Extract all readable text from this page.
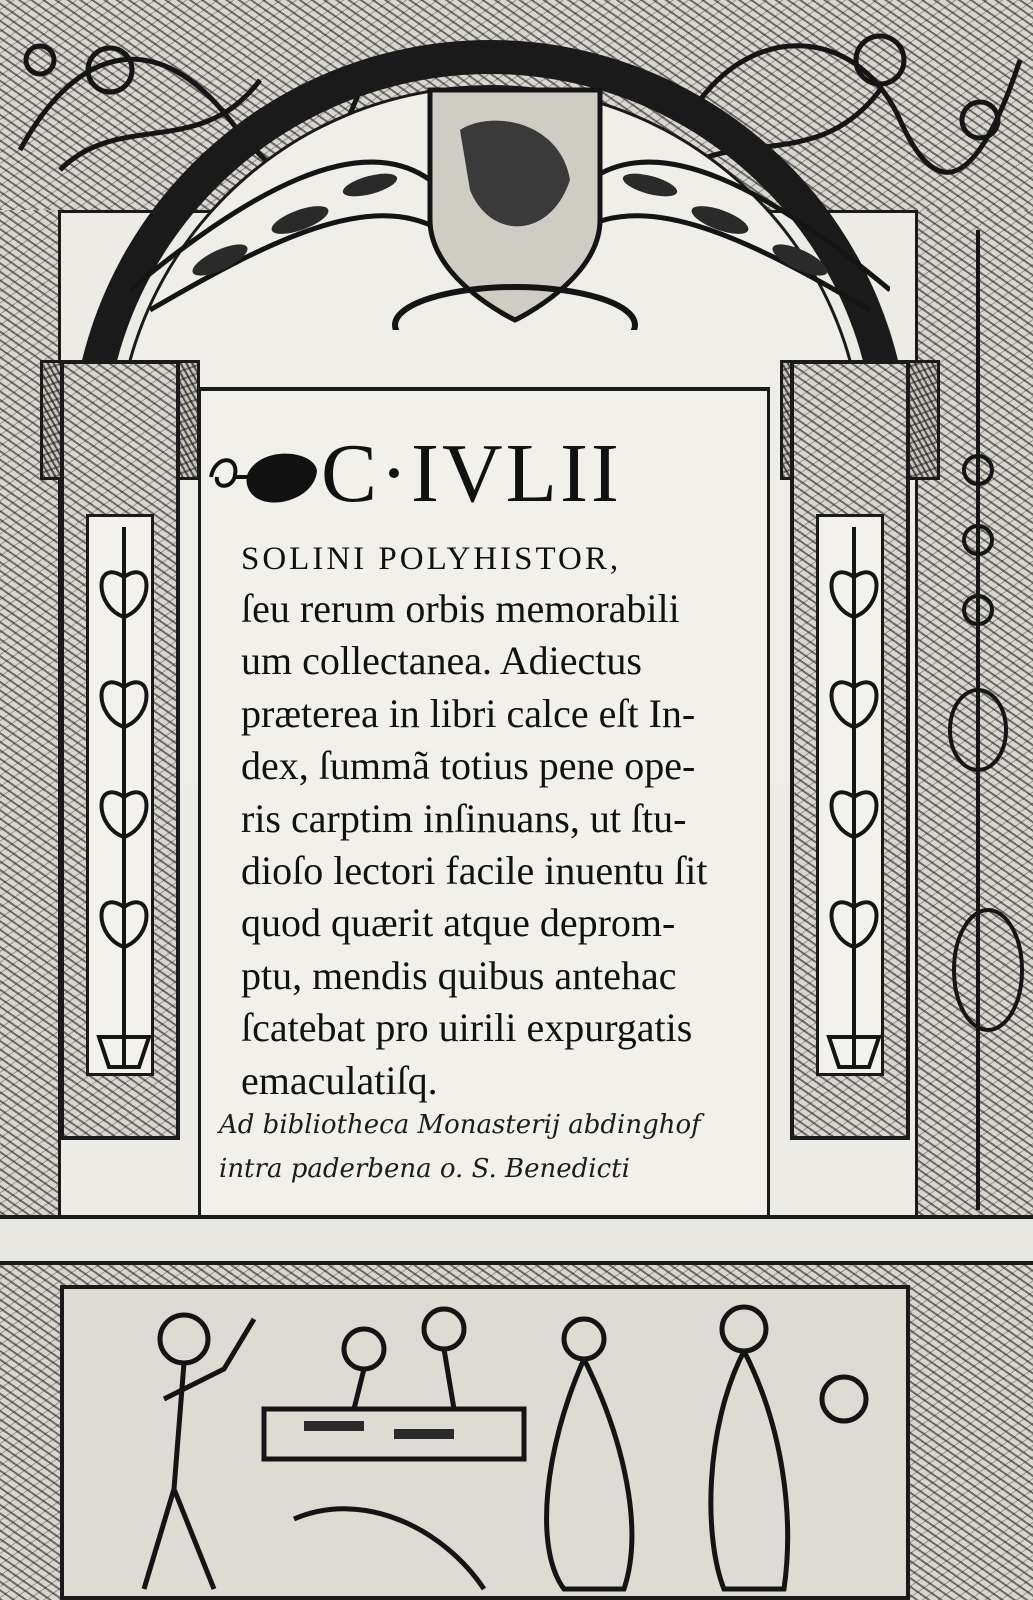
C·IVLII
SOLINI POLYHISTOR,
ſeu rerum orbis memorabili
um collectanea. Adiectus
præterea in libri calce eſt In-
dex, ſummã totius pene ope-
ris carptim inſinuans, ut ſtu-
dioſo lectori facile inuentu ſit
quod quærit atque deprom-
ptu, mendis quibus antehac
ſcatebat pro uirili expurgatis
emaculatiſq.
Ad bibliotheca Monasterij abdinghof
intra paderbena o. S. Benedicti
